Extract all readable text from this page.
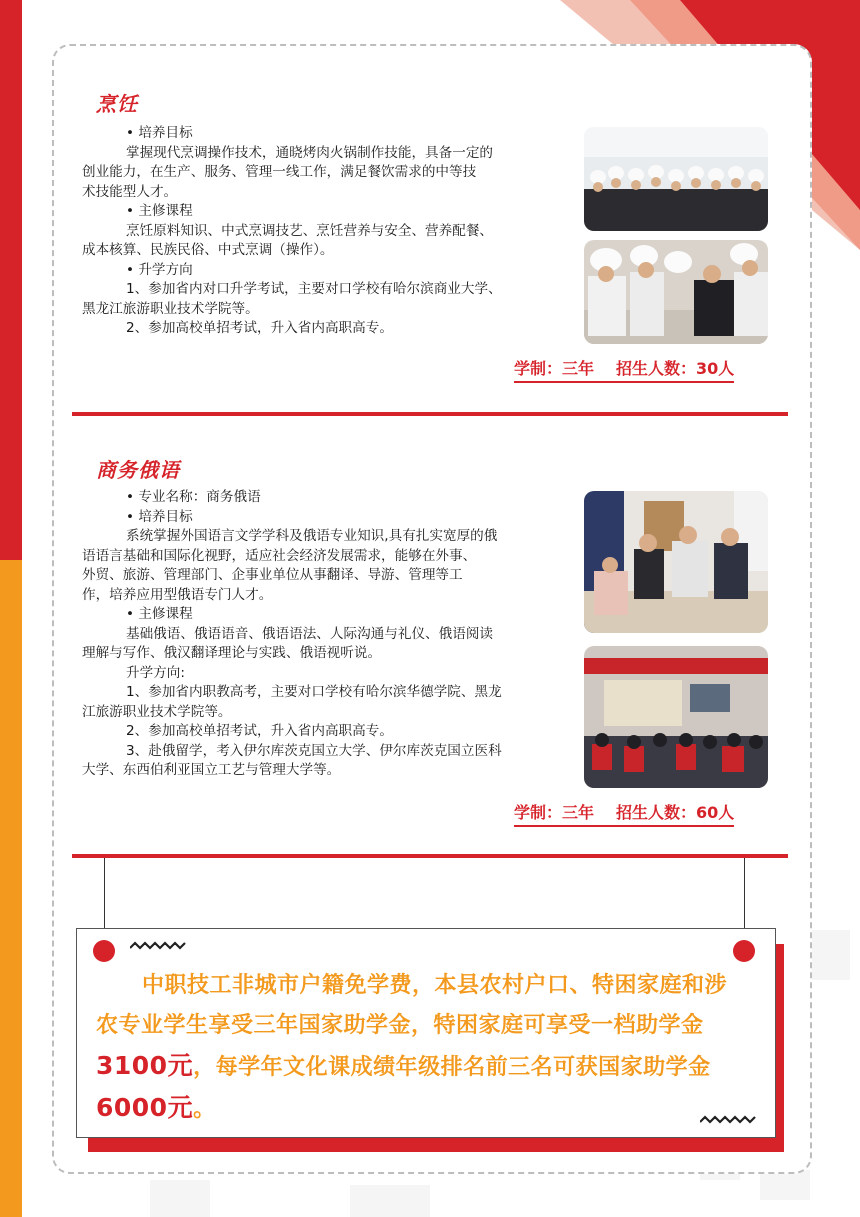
烹饪
• 培养目标
掌握现代烹调操作技术，通晓烤肉火锅制作技能，具备一定的
创业能力，在生产、服务、管理一线工作，满足餐饮需求的中等技
术技能型人才。
• 主修课程
烹饪原料知识、中式烹调技艺、烹饪营养与安全、营养配餐、
成本核算、民族民俗、中式烹调（操作）。
• 升学方向
1、参加省内对口升学考试，主要对口学校有哈尔滨商业大学、
黑龙江旅游职业技术学院等。
2、参加高校单招考试，升入省内高职高专。
学制：三年 招生人数：30人
商务俄语
• 专业名称：商务俄语
• 培养目标
系统掌握外国语言文学学科及俄语专业知识,具有扎实宽厚的俄
语语言基础和国际化视野，适应社会经济发展需求，能够在外事、
外贸、旅游、管理部门、企事业单位从事翻译、导游、管理等工
作，培养应用型俄语专门人才。
• 主修课程
基础俄语、俄语语音、俄语语法、人际沟通与礼仪、俄语阅读
理解与写作、俄汉翻译理论与实践、俄语视听说。
升学方向:
1、参加省内职教高考，主要对口学校有哈尔滨华德学院、黑龙
江旅游职业技术学院等。
2、参加高校单招考试，升入省内高职高专。
3、赴俄留学，考入伊尔库茨克国立大学、伊尔库茨克国立医科
大学、东西伯利亚国立工艺与管理大学等。
学制：三年 招生人数：60人
中职技工非城市户籍免学费，本县农村户口、特困家庭和涉
农专业学生享受三年国家助学金，特困家庭可享受一档助学金
3100元，每学年文化课成绩年级排名前三名可获国家助学金
6000元。
